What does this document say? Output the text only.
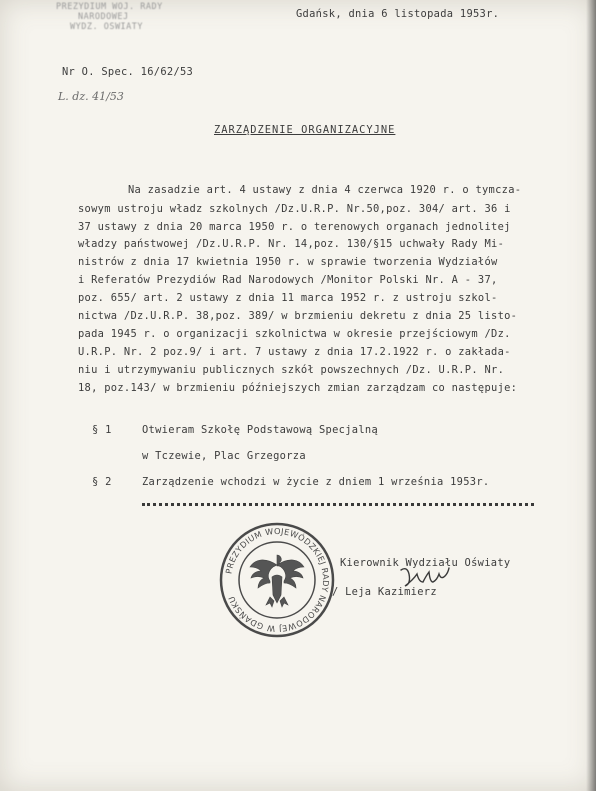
PREZYDIUM WOJ. RADY
NARODOWEJ
WYDZ. OŚWIATY
Gdańsk, dnia 6 listopada 1953r.
Nr O. Spec. 16/62/53
L. dz. 41/53
ZARZĄDZENIE ORGANIZACYJNE
Na zasadzie art. 4 ustawy z dnia 4 czerwca 1920 r. o tymcza-
sowym ustroju władz szkolnych /Dz.U.R.P. Nr.50,poz. 304/ art. 36 i
37 ustawy z dnia 20 marca 1950 r. o terenowych organach jednolitej
władzy państwowej /Dz.U.R.P. Nr. 14,poz. 130/§15 uchwały Rady Mi-
nistrów z dnia 17 kwietnia 1950 r. w sprawie tworzenia Wydziałów
i Referatów Prezydiów Rad Narodowych /Monitor Polski Nr. A - 37,
poz. 655/ art. 2 ustawy z dnia 11 marca 1952 r. z ustroju szkol-
nictwa /Dz.U.R.P. 38,poz. 389/ w brzmieniu dekretu z dnia 25 listo-
pada 1945 r. o organizacji szkolnictwa w okresie przejściowym /Dz.
U.R.P. Nr. 2 poz.9/ i art. 7 ustawy z dnia 17.2.1922 r. o zakłada-
niu i utrzymywaniu publicznych szkół powszechnych /Dz. U.R.P. Nr.
18, poz.143/ w brzmieniu późniejszych zmian zarządzam co następuje:
§ 1	Otwieram Szkołę Podstawową Specjalną
w Tczewie, Plac Grzegorza
§ 2	Zarządzenie wchodzi w życie z dniem 1 września 1953r.
PREZYDIUM WOJEWÓDZKIEJ RADY NARODOWEJ W GDAŃSKU
Kierownik Wydziału Oświaty
/ Leja Kazimierz
